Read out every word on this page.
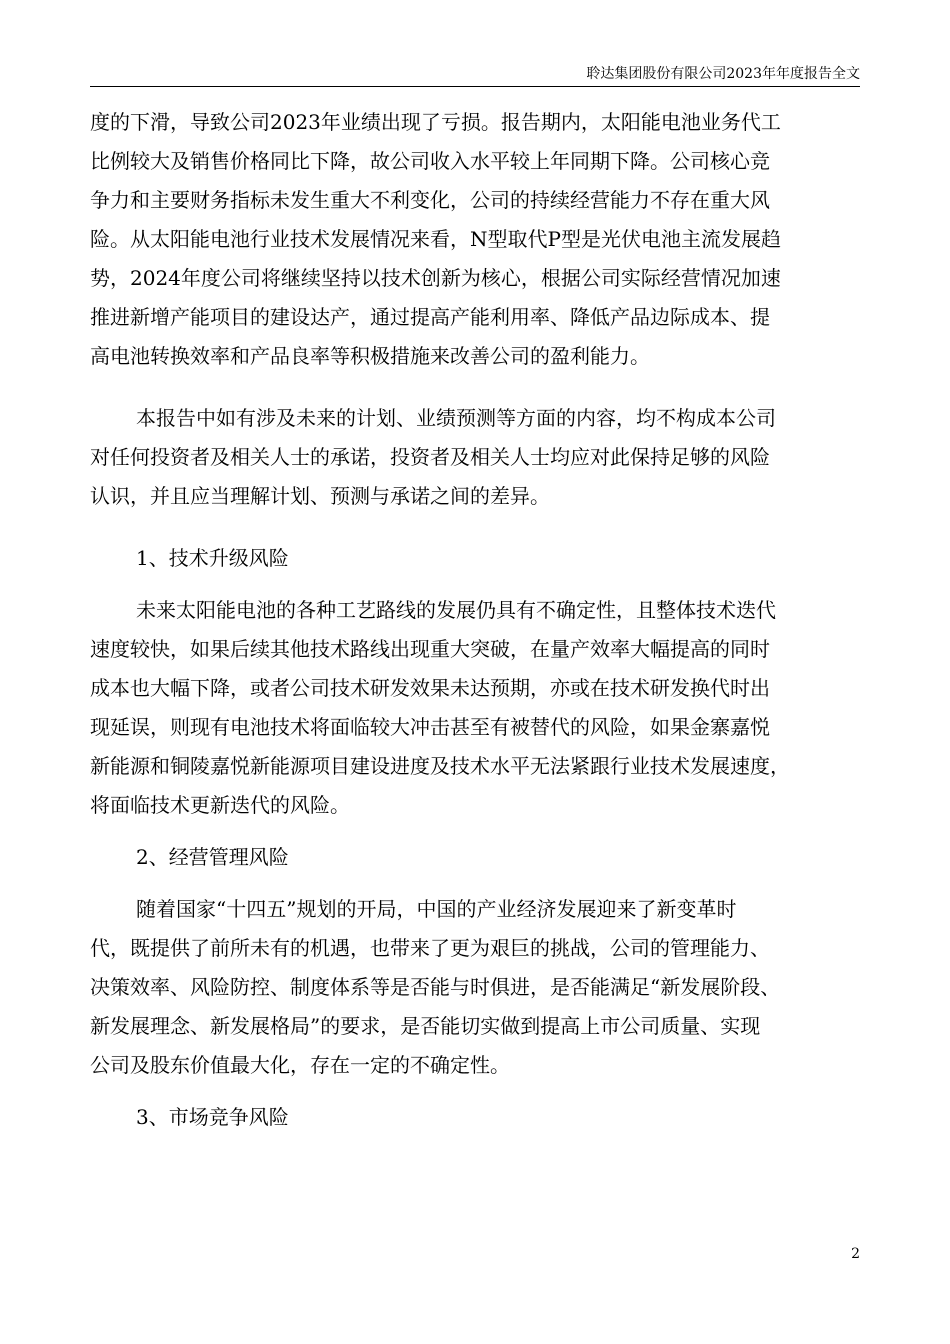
聆达集团股份有限公司2023年年度报告全文
度的下滑，导致公司2023年业绩出现了亏损。报告期内，太阳能电池业务代工
比例较大及销售价格同比下降，故公司收入水平较上年同期下降。公司核心竞
争力和主要财务指标未发生重大不利变化，公司的持续经营能力不存在重大风
险。从太阳能电池行业技术发展情况来看，N型取代P型是光伏电池主流发展趋
势，2024年度公司将继续坚持以技术创新为核心，根据公司实际经营情况加速
推进新增产能项目的建设达产，通过提高产能利用率、降低产品边际成本、提
高电池转换效率和产品良率等积极措施来改善公司的盈利能力。
本报告中如有涉及未来的计划、业绩预测等方面的内容，均不构成本公司
对任何投资者及相关人士的承诺，投资者及相关人士均应对此保持足够的风险
认识，并且应当理解计划、预测与承诺之间的差异。
1、技术升级风险
未来太阳能电池的各种工艺路线的发展仍具有不确定性，且整体技术迭代
速度较快，如果后续其他技术路线出现重大突破，在量产效率大幅提高的同时
成本也大幅下降，或者公司技术研发效果未达预期，亦或在技术研发换代时出
现延误，则现有电池技术将面临较大冲击甚至有被替代的风险，如果金寨嘉悦
新能源和铜陵嘉悦新能源项目建设进度及技术水平无法紧跟行业技术发展速度，
将面临技术更新迭代的风险。
2、经营管理风险
随着国家“十四五”规划的开局，中国的产业经济发展迎来了新变革时
代，既提供了前所未有的机遇，也带来了更为艰巨的挑战，公司的管理能力、
决策效率、风险防控、制度体系等是否能与时俱进，是否能满足“新发展阶段、
新发展理念、新发展格局”的要求，是否能切实做到提高上市公司质量、实现
公司及股东价值最大化，存在一定的不确定性。
3、市场竞争风险
2
